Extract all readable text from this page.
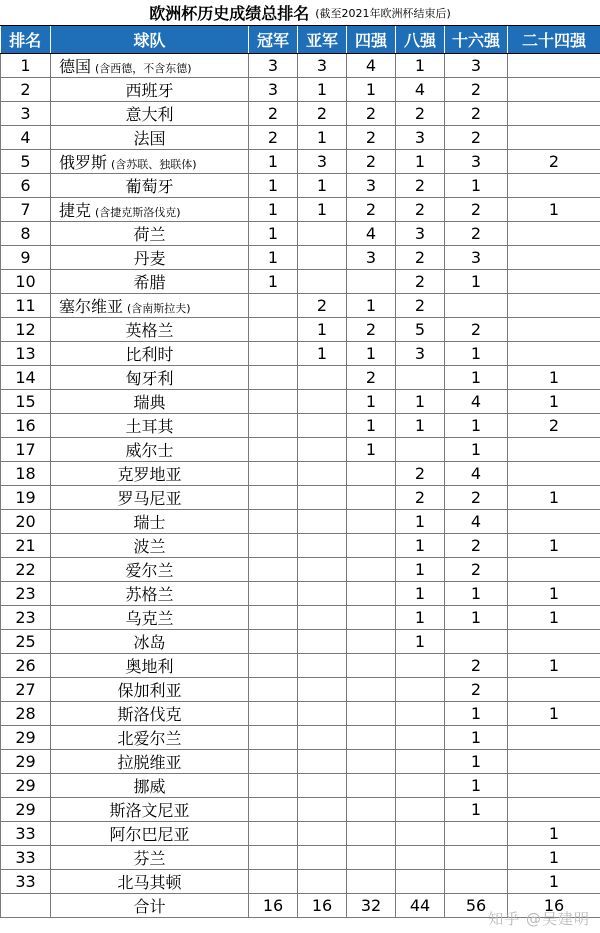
欧洲杯历史成绩总排名 (截至2021年欧洲杯结束后)
排名	球队	冠军	亚军	四强	八强	十六强	二十四强
1	德国 (含西德，不含东德)	3	3	4	1	3	
2	西班牙	3	1	1	4	2	
3	意大利	2	2	2	2	2	
4	法国	2	1	2	3	2	
5	俄罗斯 (含苏联、独联体)	1	3	2	1	3	2
6	葡萄牙	1	1	3	2	1	
7	捷克 (含捷克斯洛伐克)	1	1	2	2	2	1
8	荷兰	1		4	3	2	
9	丹麦	1		3	2	3	
10	希腊	1			2	1	
11	塞尔维亚 (含南斯拉夫)		2	1	2		
12	英格兰		1	2	5	2	
13	比利时		1	1	3	1	
14	匈牙利			2		1	1
15	瑞典			1	1	4	1
16	土耳其			1	1	1	2
17	威尔士			1		1	
18	克罗地亚				2	4	
19	罗马尼亚				2	2	1
20	瑞士				1	4	
21	波兰				1	2	1
22	爱尔兰				1	2	
23	苏格兰				1	1	1
23	乌克兰				1	1	1
25	冰岛				1		
26	奥地利					2	1
27	保加利亚					2	
28	斯洛伐克					1	1
29	北爱尔兰					1	
29	拉脱维亚					1	
29	挪威					1	
29	斯洛文尼亚					1	
33	阿尔巴尼亚						1
33	芬兰						1
33	北马其顿						1
	合计	16	16	32	44	56	16
知乎 @吴建明
